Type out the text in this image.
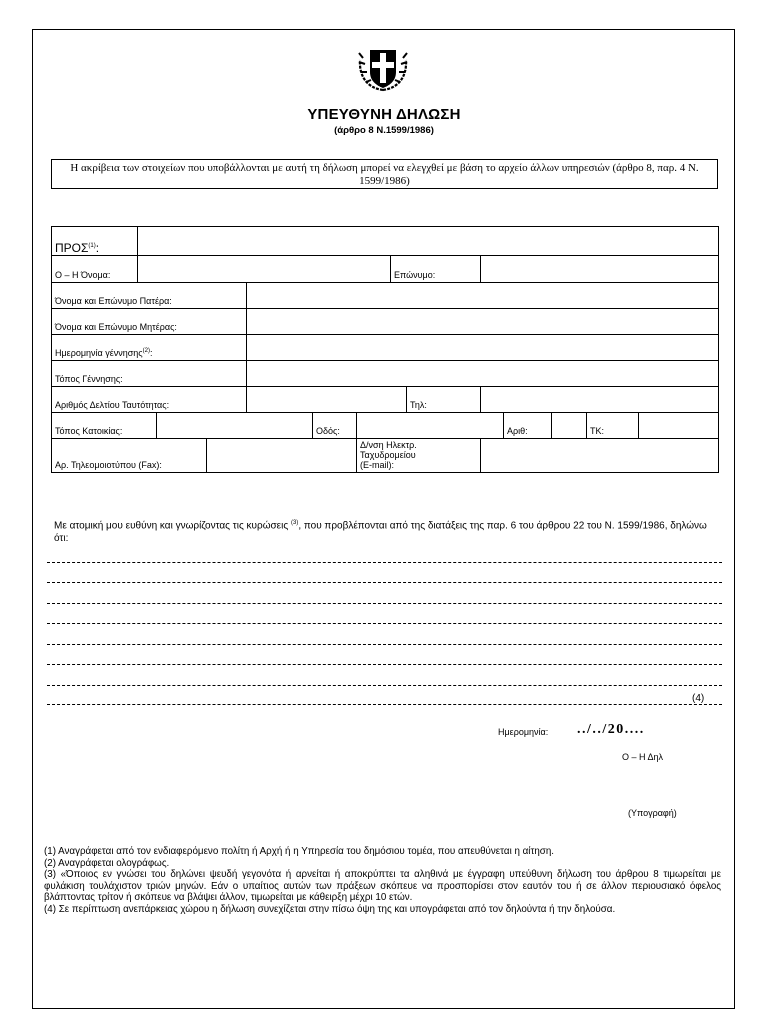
ΥΠΕΥΘΥΝΗ ΔΗΛΩΣΗ
(άρθρο 8 Ν.1599/1986)
Η ακρίβεια των στοιχείων που υποβάλλονται με αυτή τη δήλωση μπορεί να ελεγχθεί με βάση το αρχείο άλλων υπηρεσιών (άρθρο 8, παρ. 4 Ν. 1599/1986)
ΠΡΟΣ$^{(1)}$:													
Ο – Η Όνομα:							Επώνυμο:						
Όνομα και Επώνυμο Πατέρα:													
Όνομα και Επώνυμο Μητέρας:													
Ημερομηνία γέννησης$^{(2)}$:													
Τόπος Γέννησης:													
Αριθμός Δελτίου Ταυτότητας:								Τηλ:					
Τόπος Κατοικίας:					Οδός:					Αριθ:		ΤΚ:	
Αρ. Τηλεομοιοτύπου (Fax):						Δ/νση Ηλεκτρ.
Ταχυδρομείου
(E-mail):							

Με ατομική μου ευθύνη και γνωρίζοντας τις κυρώσεις $^{(3)}$, που προβλέπονται από της διατάξεις της παρ. 6 του άρθρου 22 του Ν. 1599/1986, δηλώνω ότι:
(4)
Ημερομηνία: ../../20....
Ο – Η Δηλ
(Υπογραφή)

(1) Αναγράφεται από τον ενδιαφερόμενο πολίτη ή Αρχή ή η Υπηρεσία του δημόσιου τομέα, που απευθύνεται η αίτηση.

(2) Αναγράφεται ολογράφως.

(3) «Όποιος εν γνώσει του δηλώνει ψευδή γεγονότα ή αρνείται ή αποκρύπτει τα αληθινά με έγγραφη υπεύθυνη δήλωση του άρθρου 8 τιμωρείται με φυλάκιση τουλάχιστον τριών μηνών. Εάν ο υπαίτιος αυτών των πράξεων σκόπευε να προσπορίσει στον εαυτόν του ή σε άλλον περιουσιακό όφελος βλάπτοντας τρίτον ή σκόπευε να βλάψει άλλον, τιμωρείται με κάθειρξη μέχρι 10 ετών.

(4) Σε περίπτωση ανεπάρκειας χώρου η δήλωση συνεχίζεται στην πίσω όψη της και υπογράφεται από τον δηλούντα ή την δηλούσα.
